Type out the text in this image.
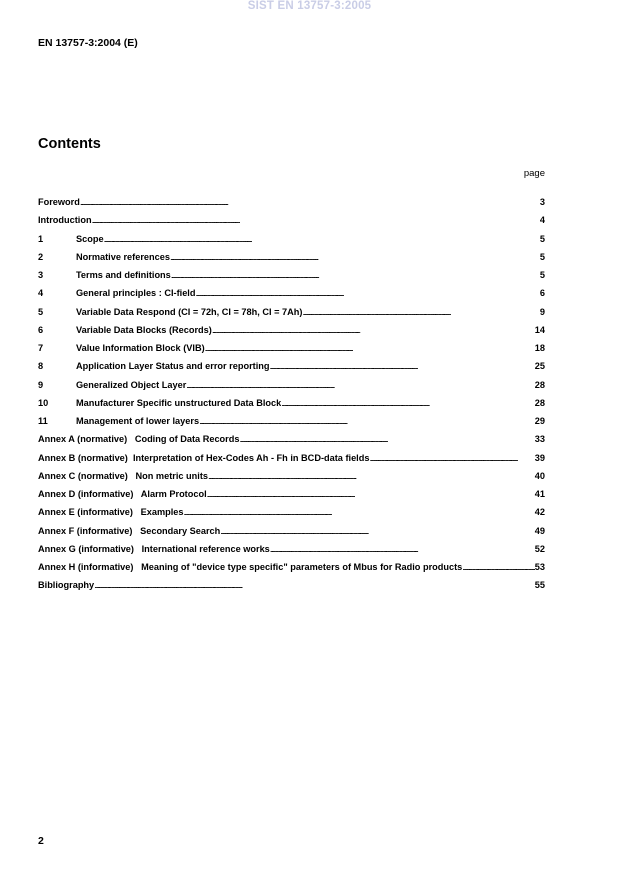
SIST EN 13757-3:2005
EN 13757-3:2004 (E)
Contents
page
Foreword . . .	3
Introduction . . .	4
1	Scope . . .	5
2	Normative references . . .	5
3	Terms and definitions . . .	5
4	General principles : CI-field . . .	6
5	Variable Data Respond (CI = 72h, CI = 78h, CI = 7Ah) . . .	9
6	Variable Data Blocks (Records) . . .	14
7	Value Information Block (VIB) . . .	18
8	Application Layer Status and error reporting . . .	25
9	Generalized Object Layer . . .	28
10	Manufacturer Specific unstructured Data Block . . .	28
11	Management of lower layers . . .	29
Annex A (normative)   Coding of Data Records . . .	33
Annex B (normative)  Interpretation of Hex-Codes Ah - Fh in BCD-data fields . . .	39
Annex C (normative)   Non metric units . . .	40
Annex D (informative)   Alarm Protocol . . .	41
Annex E (informative)   Examples . . .	42
Annex F (informative)   Secondary Search . . .	49
Annex G (informative)   International reference works . . .	52
Annex H (informative)   Meaning of "device type specific" parameters of Mbus for Radio products . . .	53
Bibliography . . .	55
2
